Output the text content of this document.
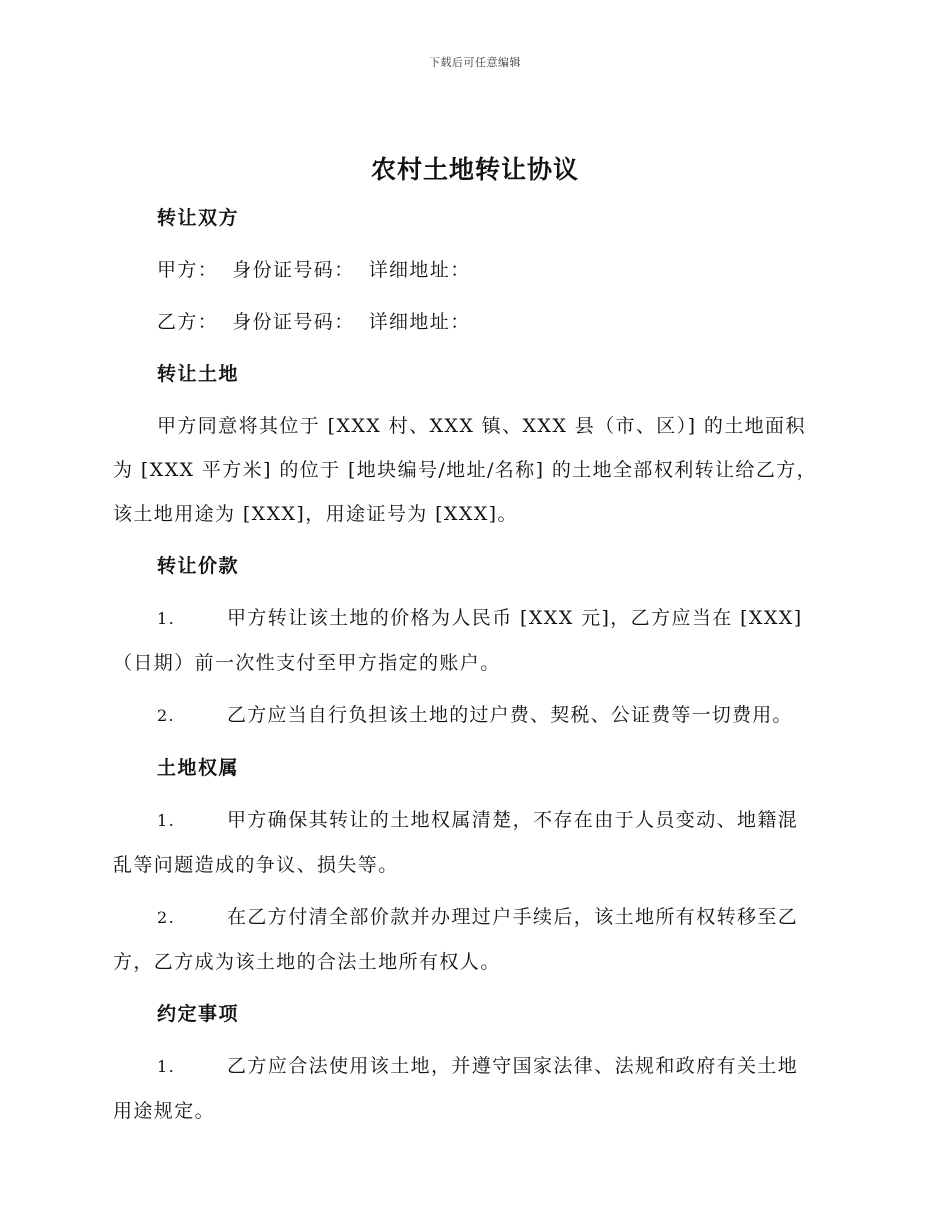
下载后可任意编辑
农村土地转让协议
转让双方
甲方： 身份证号码： 详细地址：
乙方： 身份证号码： 详细地址：
转让土地
甲方同意将其位于 [XXX 村、XXX 镇、XXX 县（市、区）] 的土地面积
为 [XXX 平方米] 的位于 [地块编号/地址/名称] 的土地全部权利转让给乙方，
该土地用途为 [XXX]，用途证号为 [XXX]。
转让价款
1.	甲方转让该土地的价格为人民币 [XXX 元]，乙方应当在 [XXX]
（日期）前一次性支付至甲方指定的账户。
2.	乙方应当自行负担该土地的过户费、契税、公证费等一切费用。
土地权属
1.	甲方确保其转让的土地权属清楚，不存在由于人员变动、地籍混
乱等问题造成的争议、损失等。
2.	在乙方付清全部价款并办理过户手续后，该土地所有权转移至乙
方，乙方成为该土地的合法土地所有权人。
约定事项
1.	乙方应合法使用该土地，并遵守国家法律、法规和政府有关土地
用途规定。
